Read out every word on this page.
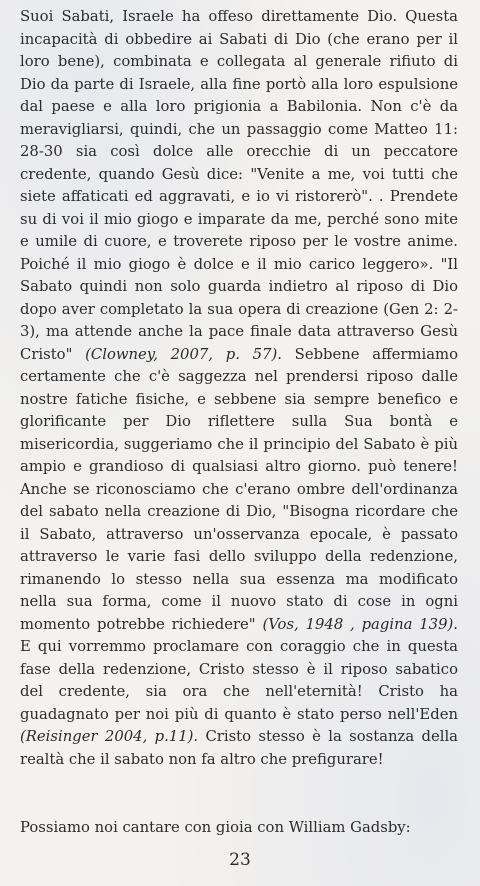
Suoi Sabati, Israele ha offeso direttamente Dio. Questa incapacità di obbedire ai Sabati di Dio (che erano per il loro bene), combinata e collegata al generale rifiuto di Dio da parte di Israele, alla fine portò alla loro espulsione dal paese e alla loro prigionia a Babilonia. Non c'è da meravigliarsi, quindi, che un passaggio come Matteo 11: 28-30 sia così dolce alle orecchie di un peccatore credente, quando Gesù dice: "Venite a me, voi tutti che siete affaticati ed aggravati, e io vi ristorerò". . Prendete su di voi il mio giogo e imparate da me, perché sono mite e umile di cuore, e troverete riposo per le vostre anime. Poiché il mio giogo è dolce e il mio carico leggero». "Il Sabato quindi non solo guarda indietro al riposo di Dio dopo aver completato la sua opera di creazione (Gen 2: 2-3), ma attende anche la pace finale data attraverso Gesù Cristo" (Clowney, 2007, p. 57). Sebbene affermiamo certamente che c'è saggezza nel prendersi riposo dalle nostre fatiche fisiche, e sebbene sia sempre benefico e glorificante per Dio riflettere sulla Sua bontà e misericordia, suggeriamo che il principio del Sabato è più ampio e grandioso di qualsiasi altro giorno. può tenere! Anche se riconosciamo che c'erano ombre dell'ordinanza del sabato nella creazione di Dio, "Bisogna ricordare che il Sabato, attraverso un'osservanza epocale, è passato attraverso le varie fasi dello sviluppo della redenzione, rimanendo lo stesso nella sua essenza ma modificato nella sua forma, come il nuovo stato di cose in ogni momento potrebbe richiedere" (Vos, 1948 , pagina 139). E qui vorremmo proclamare con coraggio che in questa fase della redenzione, Cristo stesso è il riposo sabatico del credente, sia ora che nell'eternità! Cristo ha guadagnato per noi più di quanto è stato perso nell'Eden (Reisinger 2004, p.11). Cristo stesso è la sostanza della realtà che il sabato non fa altro che prefigurare!

Possiamo noi cantare con gioia con William Gadsby:

23
